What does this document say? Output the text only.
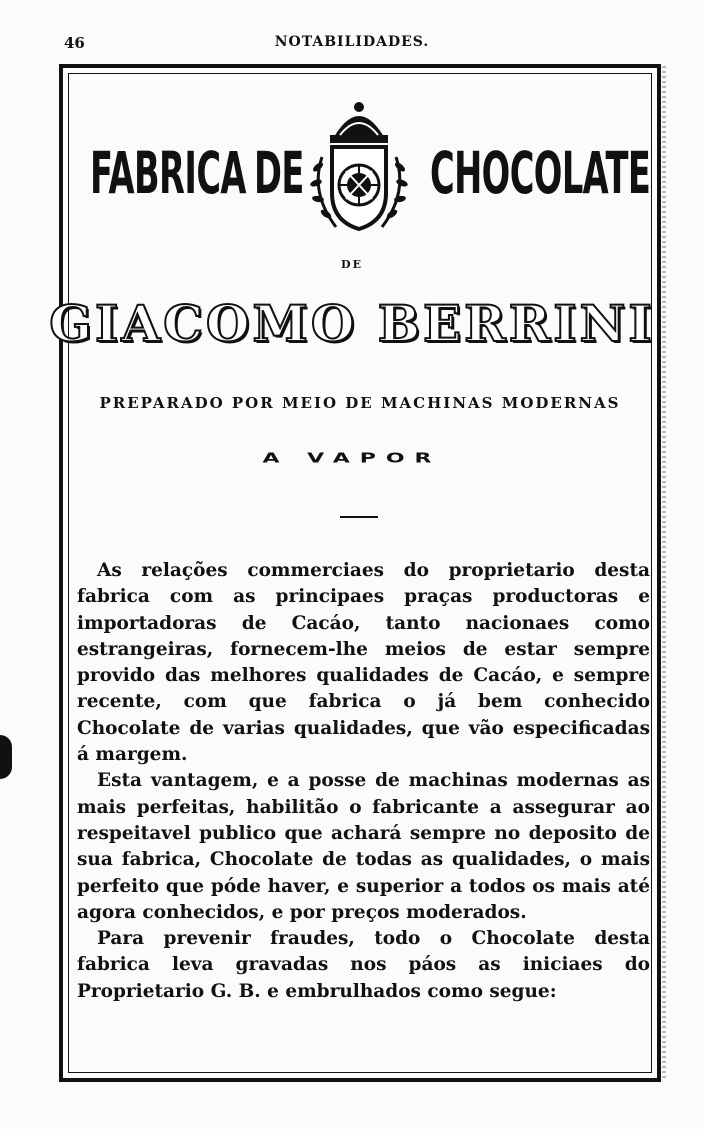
46	NOTABILIDADES.
FABRICA DE CHOCOLATE
DE
GIACOMO BERRINI
PREPARADO POR MEIO DE MACHINAS MODERNAS
A VAPOR

As relações commerciaes do proprietario desta fabrica com as principaes praças productoras e importadoras de Cacáo, tanto nacionaes como estrangeiras, fornecem-lhe meios de estar sempre provido das melhores qualidades de Cacáo, e sempre recente, com que fabrica o já bem conhecido Chocolate de varias qualidades, que vão especificadas á margem.

Esta vantagem, e a posse de machinas modernas as mais perfeitas, habilitão o fabricante a assegurar ao respeitavel publico que achará sempre no deposito de sua fabrica, Chocolate de todas as qualidades, o mais perfeito que póde haver, e superior a todos os mais até agora conhecidos, e por preços moderados.

Para prevenir fraudes, todo o Chocolate desta fabrica leva gravadas nos páos as iniciaes do Proprietario G. B. e embrulhados como segue:
